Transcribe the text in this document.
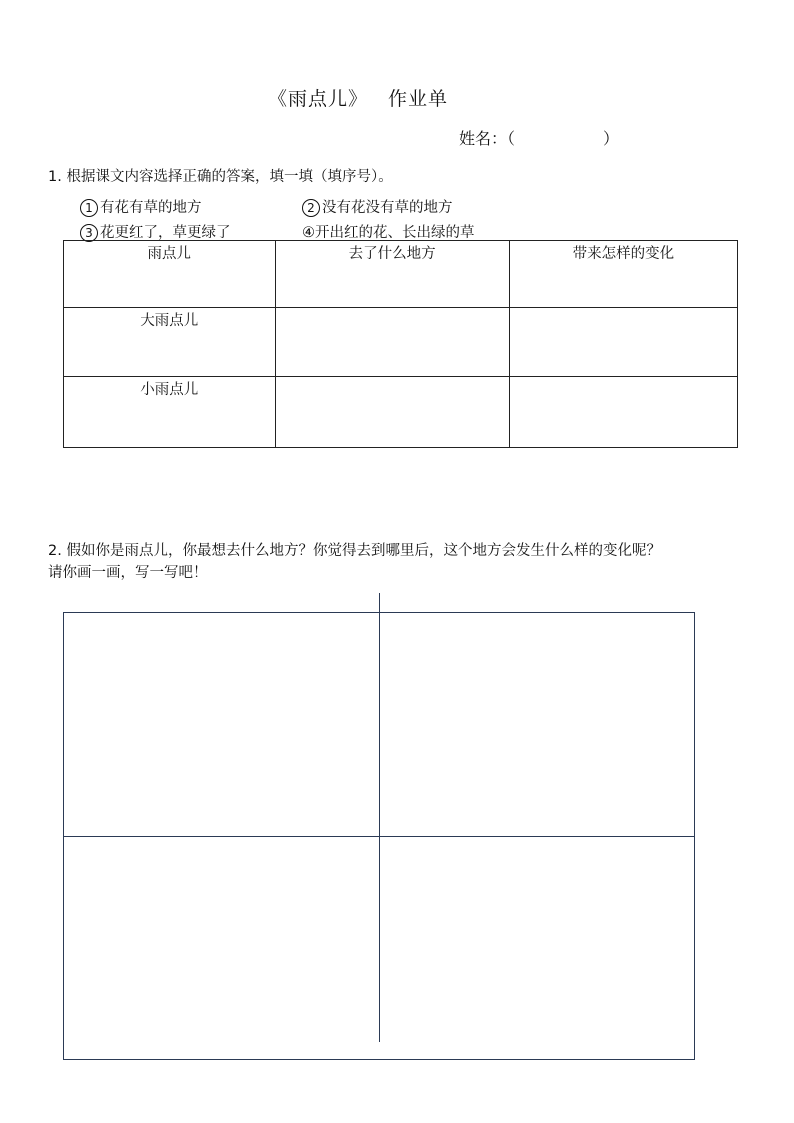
《雨点儿》 作业单
姓名：（	）
1. 根据课文内容选择正确的答案，填一填（填序号）。
1 有花有草的地方	2 没有花没有草的地方
3 花更红了，草更绿了	④开出红的花、长出绿的草
雨点儿	去了什么地方	带来怎样的变化
大雨点儿		
小雨点儿		
2. 假如你是雨点儿，你最想去什么地方？你觉得去到哪里后，这个地方会发生什么样的变化呢？
请你画一画，写一写吧！
